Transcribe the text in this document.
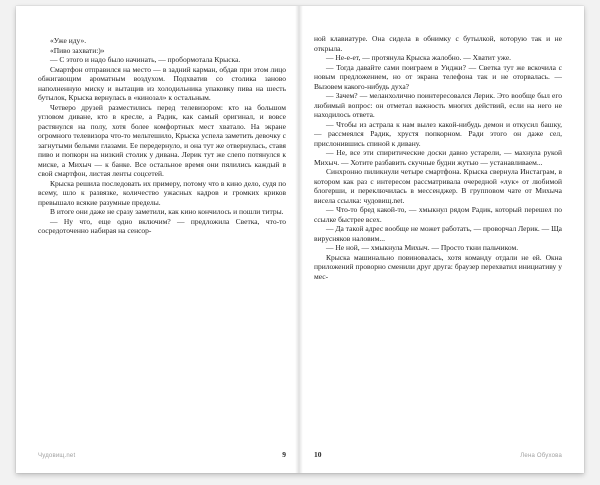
«Уже иду».

«Пиво захвати:)»

— С этого и надо было начинать, — пробормотала Крыска.

Смартфон отправился на место — в задний карман, обдав при этом лицо обжигающим ароматным воздухом. Подхватив со столика заново наполненную миску и вытащив из холодильника упаковку пива на шесть бутылок, Крыска вернулась в «кинозал» к остальным.

Четверо друзей разместились перед телевизором: кто на большом угловом диване, кто в кресле, а Радик, как самый оригинал, и вовсе растянулся на полу, хотя более комфортных мест хватало. На экране огромного телевизора что-то мельтешило, Крыска успела заметить девочку с загнутыми белыми глазами. Ее передернуло, и она тут же отвернулась, ставя пиво и попкорн на низкий столик у дивана. Лерик тут же слепо потянулся к миске, а Михыч — к банке. Все остальное время они пялились каждый в свой смартфон, листая ленты соцсетей.

Крыска решила последовать их примеру, потому что в кино дело, судя по всему, шло к развязке, количество ужасных кадров и громких криков превышало всякие разумные пределы.

В итоге они даже не сразу заметили, как кино кончилось и пошли титры.

— Ну что, еще одно включим? — предложила Светка, что-то сосредоточенно набирая на сенсор-

Чудовищ.net	9

ной клавиатуре. Она сидела в обнимку с бутылкой, которую так и не открыла.

— Не-е-ет, — протянула Крыска жалобно. — Хватит уже.

— Тогда давайте сами поиграем в Уиджи? — Светка тут же вскочила с новым предложением, но от экрана телефона так и не оторвалась. — Вызовем какого-нибудь духа?

— Зачем? — меланхолично поинтересовался Лерик. Это вообще был его любимый вопрос: он отметал важность многих действий, если на него не находилось ответа.

— Чтобы из астрала к нам вылез какой-нибудь демон и откусил башку, — рассмеялся Радик, хрустя попкорном. Ради этого он даже сел, прислонившись спиной к дивану.

— Не, все эти спиритические доски давно устарели, — махнула рукой Михыч. — Хотите разбавить скучные будни жутью — устанавливаем...

Синхронно пиликнули четыре смартфона. Крыска свернула Инстаграм, в котором как раз с интересом рассматривала очередной «лук» от любимой блогерши, и переключилась в мессенджер. В групповом чате от Михыча висела ссылка: чудовищ.net.

— Что-то бред какой-то, — хмыкнул рядом Радик, который перешел по ссылке быстрее всех.

— Да такой адрес вообще не может работать, — проворчал Лерик. — Ща вирусняков наловим...

— Не ной, — хмыкнула Михыч. — Просто ткни пальчиком.

Крыска машинально повиновалась, хотя команду отдали не ей. Окна приложений проворно сменили друг друга: браузер перехватил инициативу у мес-

10	Лена Обухова
